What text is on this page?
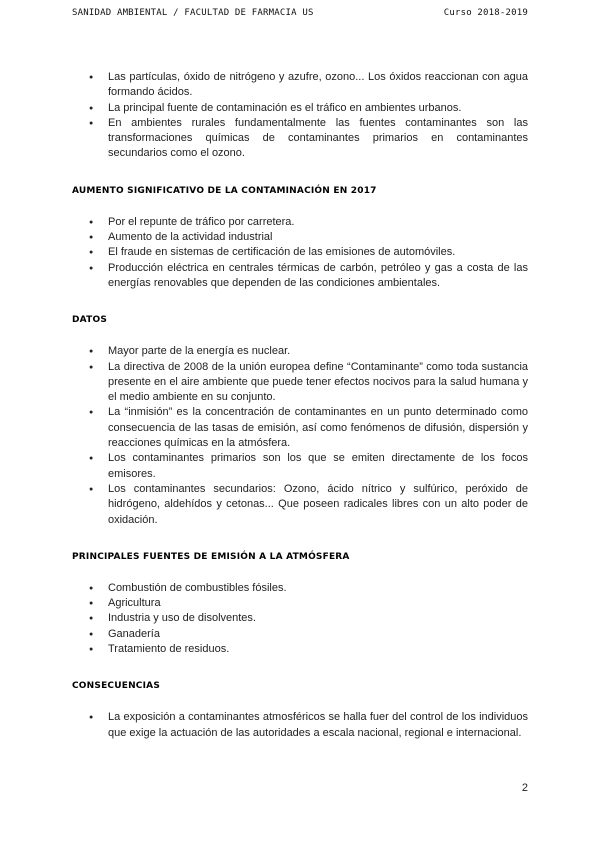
SANIDAD AMBIENTAL / FACULTAD DE FARMACIA US	Curso 2018-2019
● Las partículas, óxido de nitrógeno y azufre, ozono... Los óxidos reaccionan con agua formando ácidos.
● La principal fuente de contaminación es el tráfico en ambientes urbanos.
● En ambientes rurales fundamentalmente las fuentes contaminantes son las transformaciones químicas de contaminantes primarios en contaminantes secundarios como el ozono.
AUMENTO SIGNIFICATIVO DE LA CONTAMINACIÓN EN 2017
● Por el repunte de tráfico por carretera.
● Aumento de la actividad industrial
● El fraude en sistemas de certificación de las emisiones de automóviles.
● Producción eléctrica en centrales térmicas de carbón, petróleo y gas a costa de las energías renovables que dependen de las condiciones ambientales.
DATOS
● Mayor parte de la energía es nuclear.
● La directiva de 2008 de la unión europea define “Contaminante” como toda sustancia presente en el aire ambiente que puede tener efectos nocivos para la salud humana y el medio ambiente en su conjunto.
● La “inmisión” es la concentración de contaminantes en un punto determinado como consecuencia de las tasas de emisión, así como fenómenos de difusión, dispersión y reacciones químicas en la atmósfera.
● Los contaminantes primarios son los que se emiten directamente de los focos emisores.
● Los contaminantes secundarios: Ozono, ácido nítrico y sulfúrico, peróxido de hidrógeno, aldehídos y cetonas... Que poseen radicales libres con un alto poder de oxidación.
PRINCIPALES FUENTES DE EMISIÓN A LA ATMÓSFERA
● Combustión de combustibles fósiles.
● Agricultura
● Industria y uso de disolventes.
● Ganadería
● Tratamiento de residuos.
CONSECUENCIAS
● La exposición a contaminantes atmosféricos se halla fuer del control de los individuos que exige la actuación de las autoridades a escala nacional, regional e internacional.
2
